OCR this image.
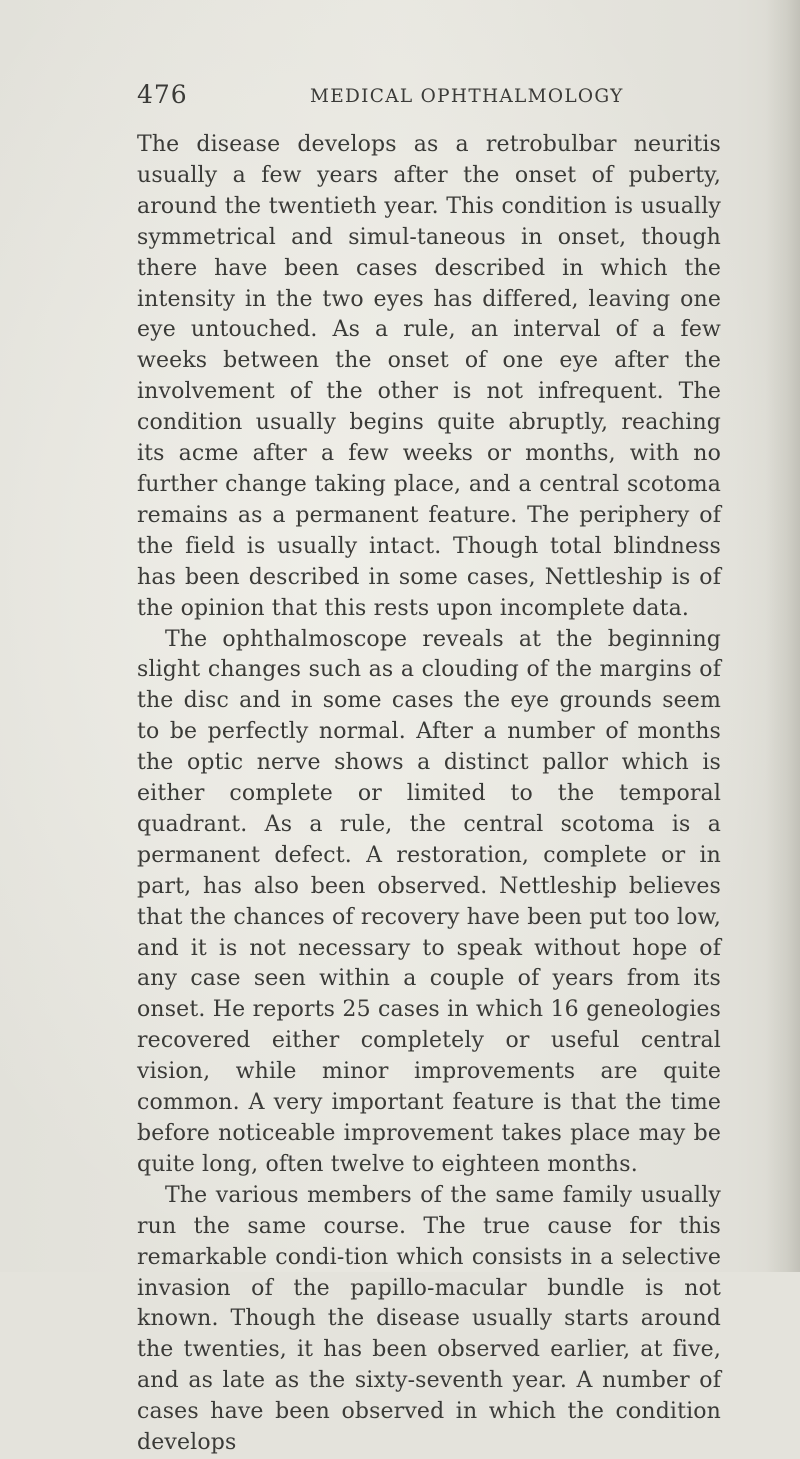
476	MEDICAL OPHTHALMOLOGY

The disease develops as a retrobulbar neuritis usually a few years after the onset of puberty, around the twentieth year. This condition is usually symmetrical and simul-taneous in onset, though there have been cases described in which the intensity in the two eyes has differed, leaving one eye untouched. As a rule, an interval of a few weeks between the onset of one eye after the involvement of the other is not infrequent. The condition usually begins quite abruptly, reaching its acme after a few weeks or months, with no further change taking place, and a central scotoma remains as a permanent feature. The periphery of the field is usually intact. Though total blindness has been described in some cases, Nettleship is of the opinion that this rests upon incomplete data.

The ophthalmoscope reveals at the beginning slight changes such as a clouding of the margins of the disc and in some cases the eye grounds seem to be perfectly normal. After a number of months the optic nerve shows a distinct pallor which is either complete or limited to the temporal quadrant. As a rule, the central scotoma is a permanent defect. A restoration, complete or in part, has also been observed. Nettleship believes that the chances of recovery have been put too low, and it is not necessary to speak without hope of any case seen within a couple of years from its onset. He reports 25 cases in which 16 geneologies recovered either completely or useful central vision, while minor improvements are quite common. A very important feature is that the time before noticeable improvement takes place may be quite long, often twelve to eighteen months.

The various members of the same family usually run the same course. The true cause for this remarkable condi-tion which consists in a selective invasion of the papillo-macular bundle is not known. Though the disease usually starts around the twenties, it has been observed earlier, at five, and as late as the sixty-seventh year. A number of cases have been observed in which the condition develops
